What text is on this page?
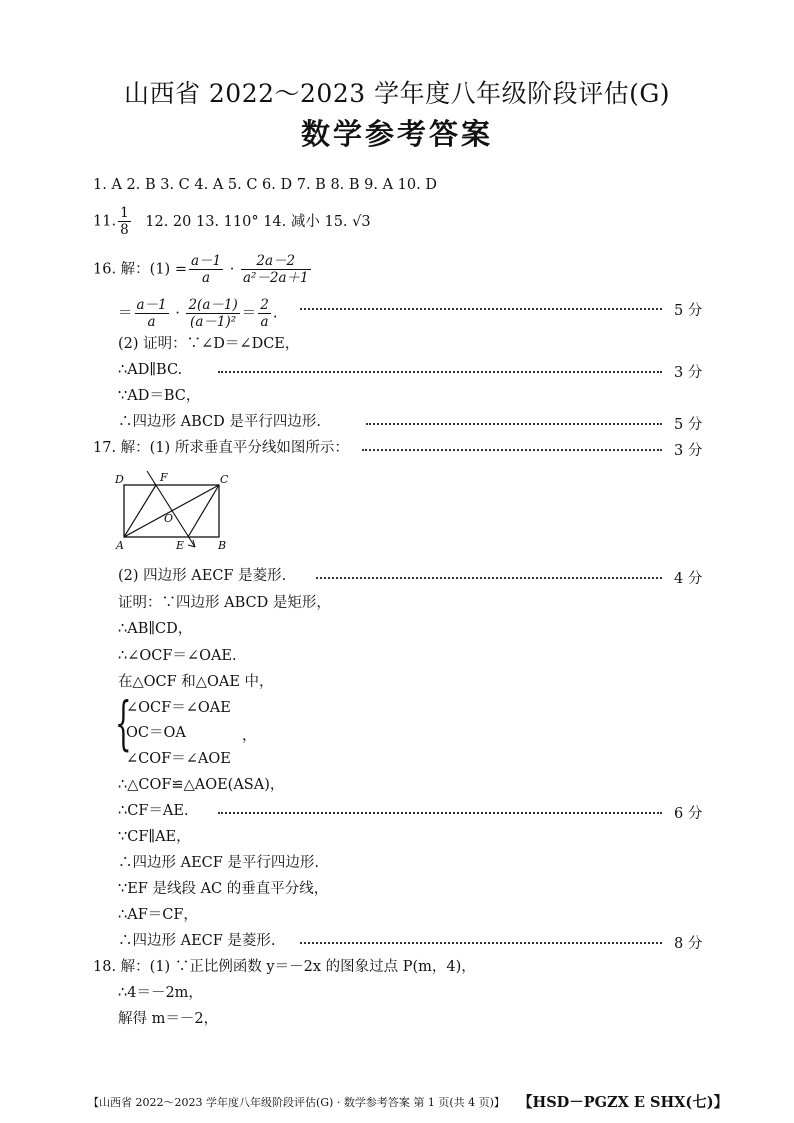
山西省 2022～2023 学年度八年级阶段评估(G)
数学参考答案
1. A 2. B 3. C 4. A 5. C 6. D 7. B 8. B 9. A 10. D
11. $\frac{1}{8} 12$. 20 13. 110° 14. 减小 15. √3
16. 解：$(1) = \frac{a-1}{a} \cdot \frac{2a-2}{\text{a²－2a＋1}}$
＝ $\frac{a-1}{a} \cdot \frac{2(a-1)}{\text{(a－1)²}} = \frac{2}{a}$ .	5 分
(2) 证明：∵∠D＝∠DCE，
∴AD∥BC.	3 分
∵AD＝BC，
∴四边形 ABCD 是平行四边形.	5 分
17. 解：(1) 所求垂直平分线如图所示：	3 分
D	F	C
O
A	E	B
(2) 四边形 AECF 是菱形.	4 分
证明：∵四边形 ABCD 是矩形，
∴AB∥CD，
∴∠OCF＝∠OAE.
在△OCF 和△OAE 中，
{
∠OCF＝∠OAE
OC＝OA	，
∠COF＝∠AOE
∴△COF≌△AOE(ASA)，
∴CF＝AE.	6 分
∵CF∥AE，
∴四边形 AECF 是平行四边形.
∵EF 是线段 AC 的垂直平分线，
∴AF＝CF，
∴四边形 AECF 是菱形.	8 分
18. 解：(1) ∵正比例函数 y＝－2x 的图象过点 P(m，4)，
∴4＝－2m，
解得 m＝－2，
【山西省 2022～2023 学年度八年级阶段评估(G) · 数学参考答案 第 1 页(共 4 页)】 【HSD－PGZX E SHX(七)】
